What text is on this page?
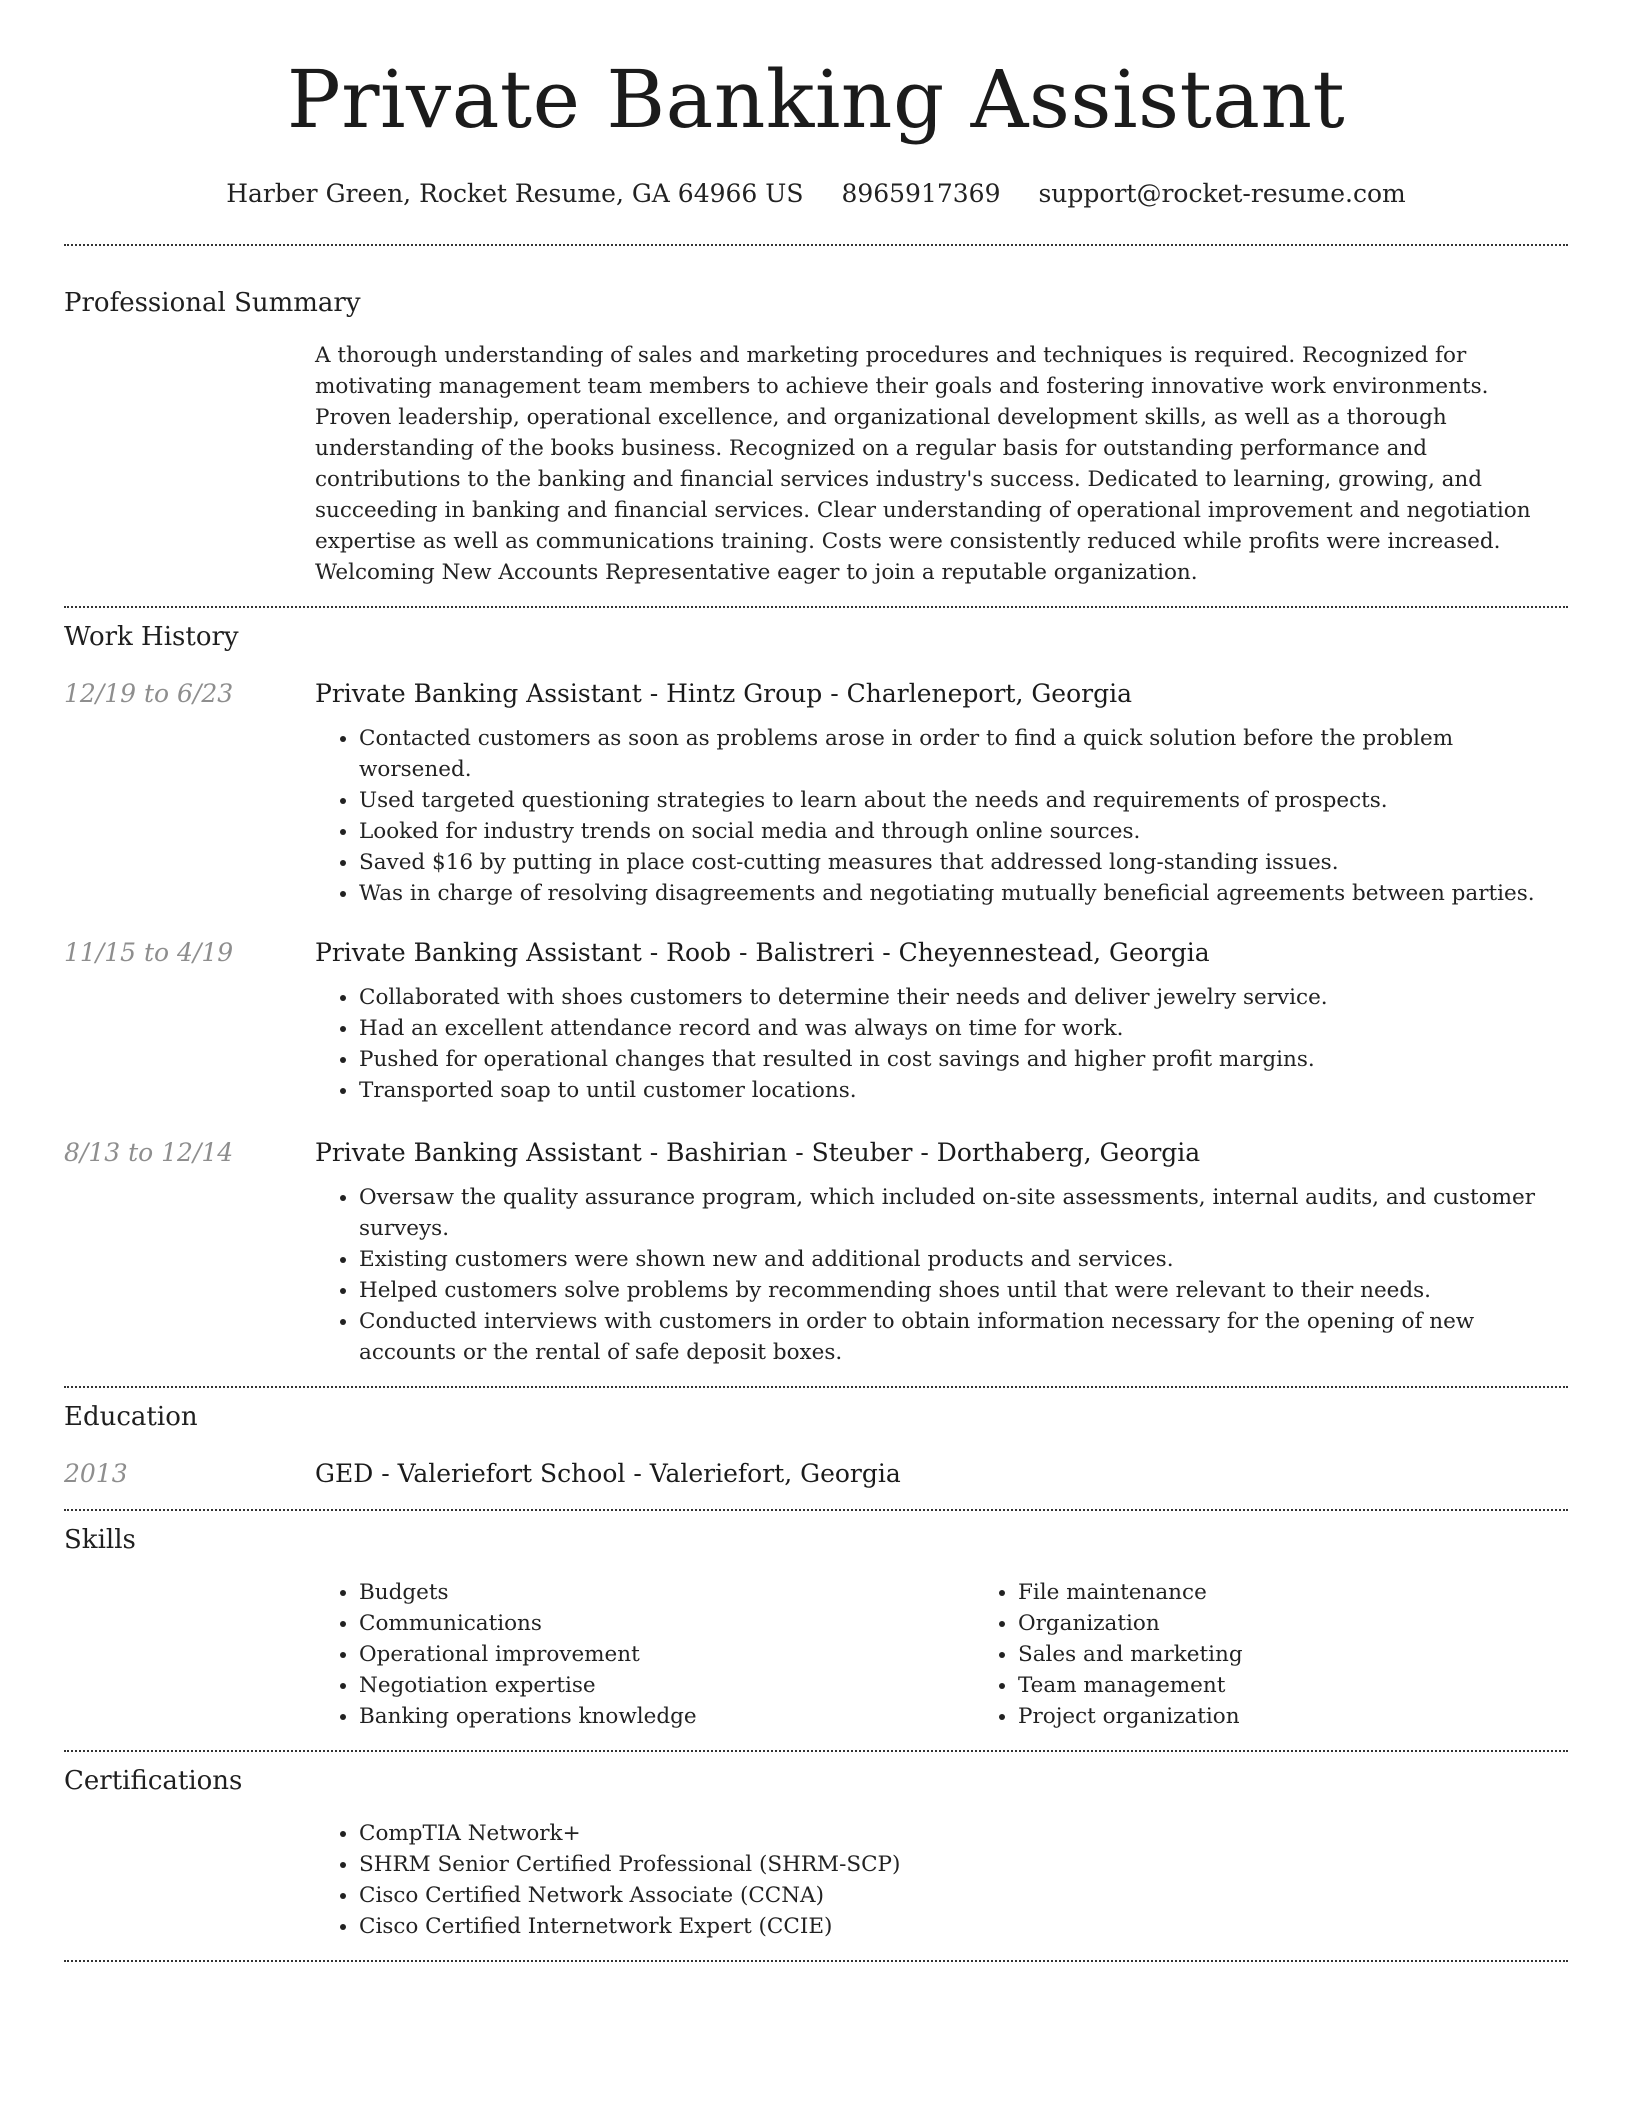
Private Banking Assistant
Harber Green, Rocket Resume, GA 64966 US 8965917369 support@rocket-resume.com
Professional Summary
A thorough understanding of sales and marketing procedures and techniques is required. Recognized for motivating management team members to achieve their goals and fostering innovative work environments. Proven leadership, operational excellence, and organizational development skills, as well as a thorough understanding of the books business. Recognized on a regular basis for outstanding performance and contributions to the banking and financial services industry's success. Dedicated to learning, growing, and succeeding in banking and financial services. Clear understanding of operational improvement and negotiation expertise as well as communications training. Costs were consistently reduced while profits were increased. Welcoming New Accounts Representative eager to join a reputable organization.
Work History
12/19 to 6/23	Private Banking Assistant - Hintz Group - Charleneport, Georgia
• Contacted customers as soon as problems arose in order to find a quick solution before the problem worsened.
• Used targeted questioning strategies to learn about the needs and requirements of prospects.
• Looked for industry trends on social media and through online sources.
• Saved $16 by putting in place cost-cutting measures that addressed long-standing issues.
• Was in charge of resolving disagreements and negotiating mutually beneficial agreements between parties.
11/15 to 4/19	Private Banking Assistant - Roob - Balistreri - Cheyennestead, Georgia
• Collaborated with shoes customers to determine their needs and deliver jewelry service.
• Had an excellent attendance record and was always on time for work.
• Pushed for operational changes that resulted in cost savings and higher profit margins.
• Transported soap to until customer locations.
8/13 to 12/14	Private Banking Assistant - Bashirian - Steuber - Dorthaberg, Georgia
• Oversaw the quality assurance program, which included on-site assessments, internal audits, and customer surveys.
• Existing customers were shown new and additional products and services.
• Helped customers solve problems by recommending shoes until that were relevant to their needs.
• Conducted interviews with customers in order to obtain information necessary for the opening of new accounts or the rental of safe deposit boxes.
Education
2013	GED - Valeriefort School - Valeriefort, Georgia
Skills
• Budgets
• Communications
• Operational improvement
• Negotiation expertise
• Banking operations knowledge
• File maintenance
• Organization
• Sales and marketing
• Team management
• Project organization
Certifications
• CompTIA Network+
• SHRM Senior Certified Professional (SHRM-SCP)
• Cisco Certified Network Associate (CCNA)
• Cisco Certified Internetwork Expert (CCIE)
